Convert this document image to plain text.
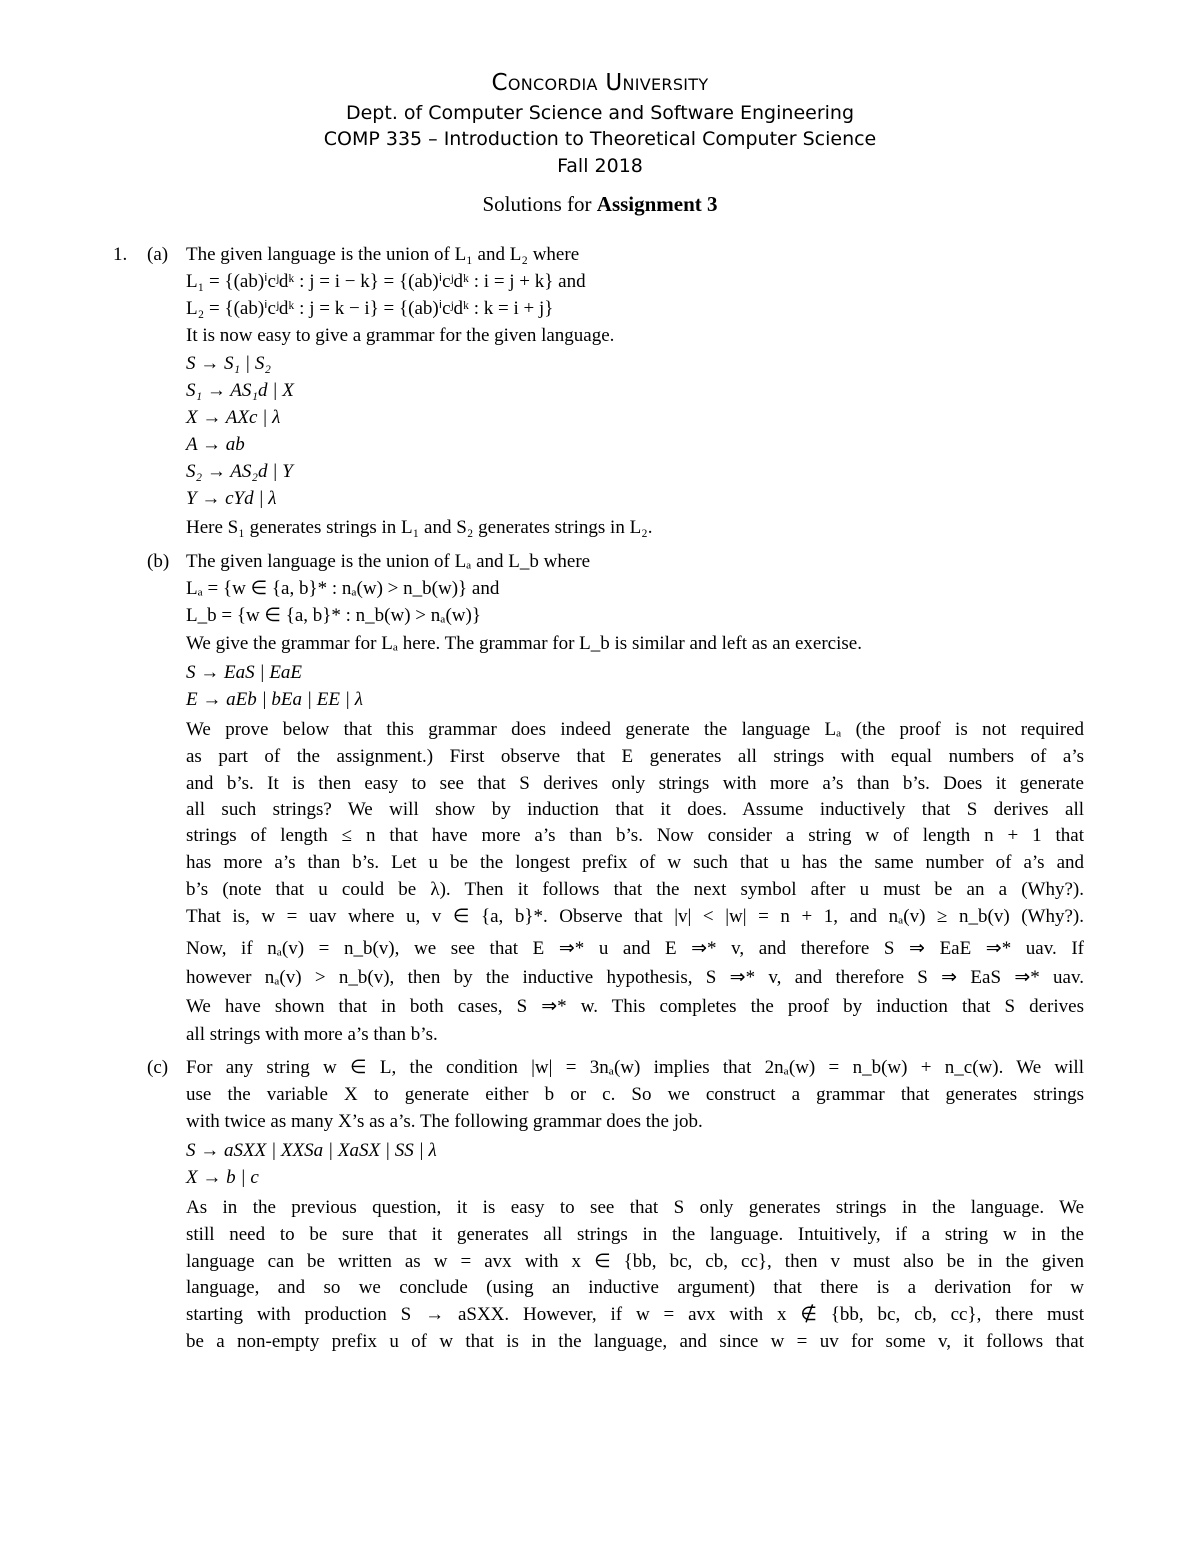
Concordia University
Dept. of Computer Science and Software Engineering
COMP 335 – Introduction to Theoretical Computer Science
Fall 2018
Solutions for Assignment 3
1. (a) The given language is the union of L₁ and L₂ where
L₁ = {(ab)ⁱcʲdᵏ : j = i − k} = {(ab)ⁱcʲdᵏ : i = j + k} and
L₂ = {(ab)ⁱcʲdᵏ : j = k − i} = {(ab)ⁱcʲdᵏ : k = i + j}
It is now easy to give a grammar for the given language.
S → S₁ | S₂
S₁ → AS₁d | X
X → AXc | λ
A → ab
S₂ → AS₂d | Y
Y → cYd | λ
Here S₁ generates strings in L₁ and S₂ generates strings in L₂.
(b) The given language is the union of Lₐ and L_b where
Lₐ = {w ∈ {a, b}* : nₐ(w) > n_b(w)} and
L_b = {w ∈ {a, b}* : n_b(w) > nₐ(w)}
We give the grammar for Lₐ here. The grammar for L_b is similar and left as an exercise.
S → EaS | EaE
E → aEb | bEa | EE | λ
We prove below that this grammar does indeed generate the language Lₐ (the proof is not required
as part of the assignment.) First observe that E generates all strings with equal numbers of a’s
and b’s. It is then easy to see that S derives only strings with more a’s than b’s. Does it generate
all such strings? We will show by induction that it does. Assume inductively that S derives all
strings of length ≤ n that have more a’s than b’s. Now consider a string w of length n + 1 that
has more a’s than b’s. Let u be the longest prefix of w such that u has the same number of a’s and
b’s (note that u could be λ). Then it follows that the next symbol after u must be an a (Why?).
That is, w = uav where u, v ∈ {a, b}*. Observe that |v| < |w| = n + 1, and nₐ(v) ≥ n_b(v) (Why?).
Now, if nₐ(v) = n_b(v), we see that E ⇒* u and E ⇒* v, and therefore S ⇒ EaE ⇒* uav. If
however nₐ(v) > n_b(v), then by the inductive hypothesis, S ⇒* v, and therefore S ⇒ EaS ⇒* uav.
We have shown that in both cases, S ⇒* w. This completes the proof by induction that S derives
all strings with more a’s than b’s.
(c) For any string w ∈ L, the condition |w| = 3nₐ(w) implies that 2nₐ(w) = n_b(w) + n_c(w). We will
use the variable X to generate either b or c. So we construct a grammar that generates strings
with twice as many X’s as a’s. The following grammar does the job.
S → aSXX | XXSa | XaSX | SS | λ
X → b | c
As in the previous question, it is easy to see that S only generates strings in the language. We
still need to be sure that it generates all strings in the language. Intuitively, if a string w in the
language can be written as w = avx with x ∈ {bb, bc, cb, cc}, then v must also be in the given
language, and so we conclude (using an inductive argument) that there is a derivation for w
starting with production S → aSXX. However, if w = avx with x ∉ {bb, bc, cb, cc}, there must
be a non-empty prefix u of w that is in the language, and since w = uv for some v, it follows that
